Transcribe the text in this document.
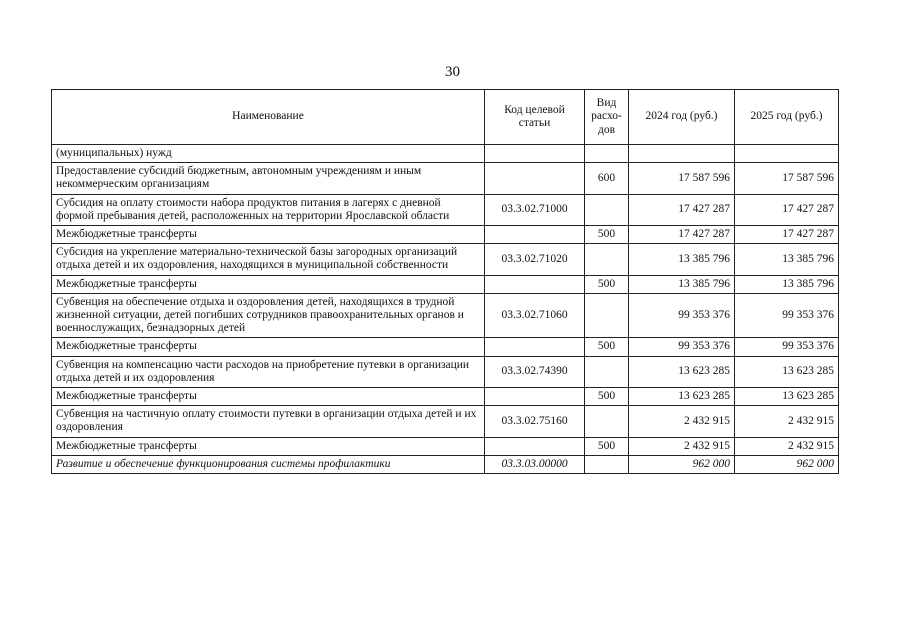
30
Наименование	Код целевой статьи	Вид расхо-дов	2024 год (руб.)	2025 год (руб.)
(муниципальных) нужд				
Предоставление субсидий бюджетным, автономным учреждениям и иным некоммерческим организациям		600	17 587 596	17 587 596
Субсидия на оплату стоимости набора продуктов питания в лагерях с дневной формой пребывания детей, расположенных на территории Ярославской области	03.3.02.71000		17 427 287	17 427 287
Межбюджетные трансферты		500	17 427 287	17 427 287
Субсидия на укрепление материально-технической базы загородных организаций отдыха детей и их оздоровления, находящихся в муниципальной собственности	03.3.02.71020		13 385 796	13 385 796
Межбюджетные трансферты		500	13 385 796	13 385 796
Субвенция на обеспечение отдыха и оздоровления детей, находящихся в трудной жизненной ситуации, детей погибших сотрудников правоохранительных органов и военнослужащих, безнадзорных детей	03.3.02.71060		99 353 376	99 353 376
Межбюджетные трансферты		500	99 353 376	99 353 376
Субвенция на компенсацию части расходов на приобретение путевки в организации отдыха детей и их оздоровления	03.3.02.74390		13 623 285	13 623 285
Межбюджетные трансферты		500	13 623 285	13 623 285
Субвенция на частичную оплату стоимости путевки в организации отдыха детей и их оздоровления	03.3.02.75160		2 432 915	2 432 915
Межбюджетные трансферты		500	2 432 915	2 432 915
Развитие и обеспечение функционирования системы профилактики	03.3.03.00000		962 000	962 000
